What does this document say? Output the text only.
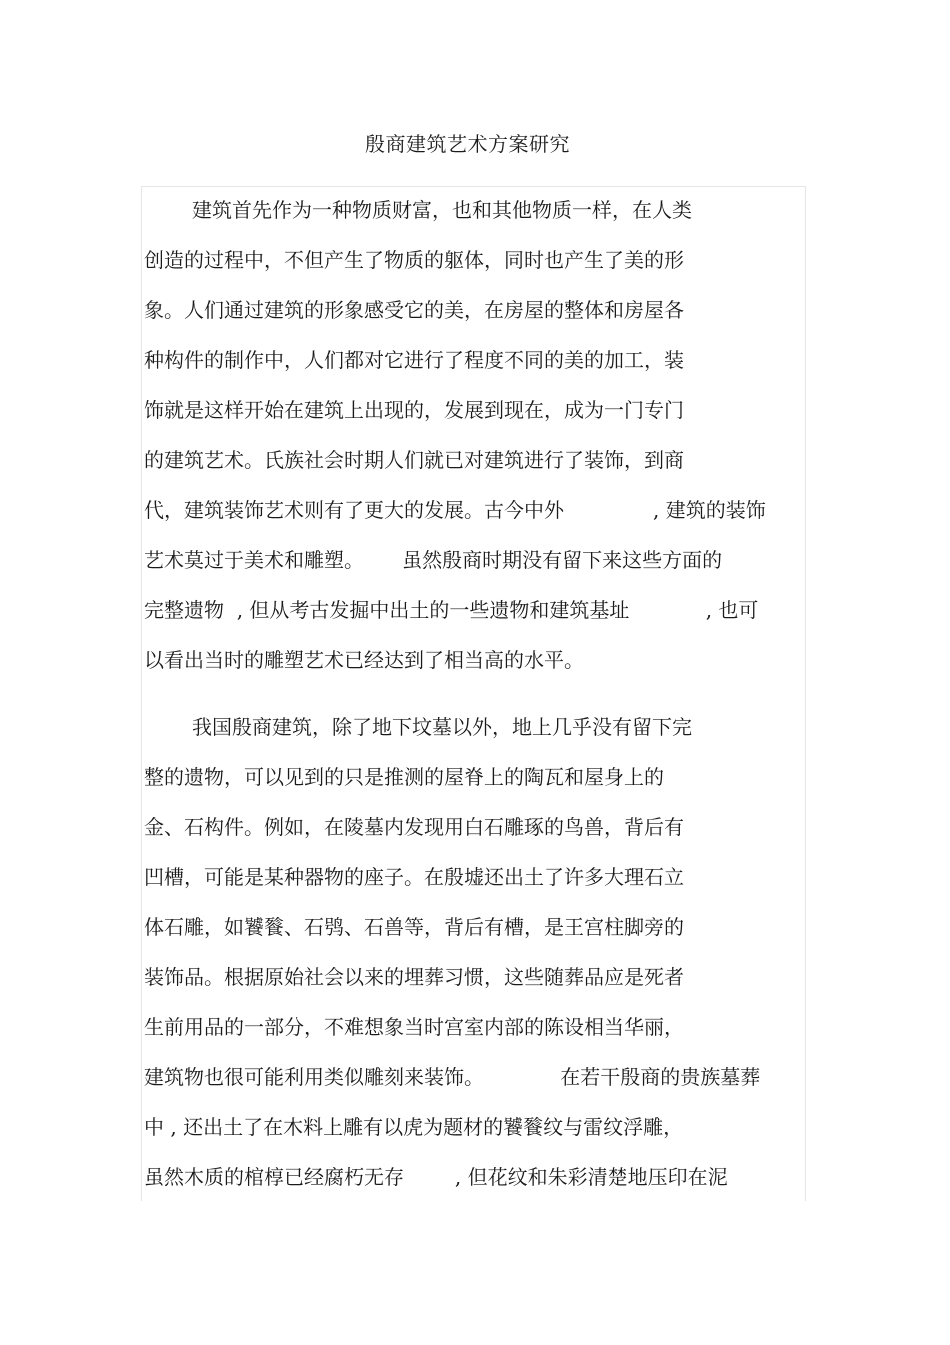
殷商建筑艺术方案研究
建筑首先作为一种物质财富，也和其他物质一样，在人类
创造的过程中，不但产生了物质的躯体，同时也产生了美的形
象。人们通过建筑的形象感受它的美，在房屋的整体和房屋各
种构件的制作中，人们都对它进行了程度不同的美的加工，装
饰就是这样开始在建筑上出现的，发展到现在，成为一门专门
的建筑艺术。氏族社会时期人们就已对建筑进行了装饰，到商
代，建筑装饰艺术则有了更大的发展。古今中外              , 建筑的装饰
艺术莫过于美术和雕塑。      虽然殷商时期没有留下来这些方面的
完整遗物  , 但从考古发掘中出土的一些遗物和建筑基址            , 也可
以看出当时的雕塑艺术已经达到了相当高的水平。
我国殷商建筑，除了地下坟墓以外，地上几乎没有留下完
整的遗物，可以见到的只是推测的屋脊上的陶瓦和屋身上的
金、石构件。例如，在陵墓内发现用白石雕琢的鸟兽，背后有
凹槽，可能是某种器物的座子。在殷墟还出土了许多大理石立
体石雕，如饕餮、石鸮、石兽等，背后有槽，是王宫柱脚旁的
装饰品。根据原始社会以来的埋葬习惯，这些随葬品应是死者
生前用品的一部分，不难想象当时宫室内部的陈设相当华丽，
建筑物也很可能利用类似雕刻来装饰。            在若干殷商的贵族墓葬
中 , 还出土了在木料上雕有以虎为题材的饕餮纹与雷纹浮雕，
虽然木质的棺椁已经腐朽无存        , 但花纹和朱彩清楚地压印在泥
